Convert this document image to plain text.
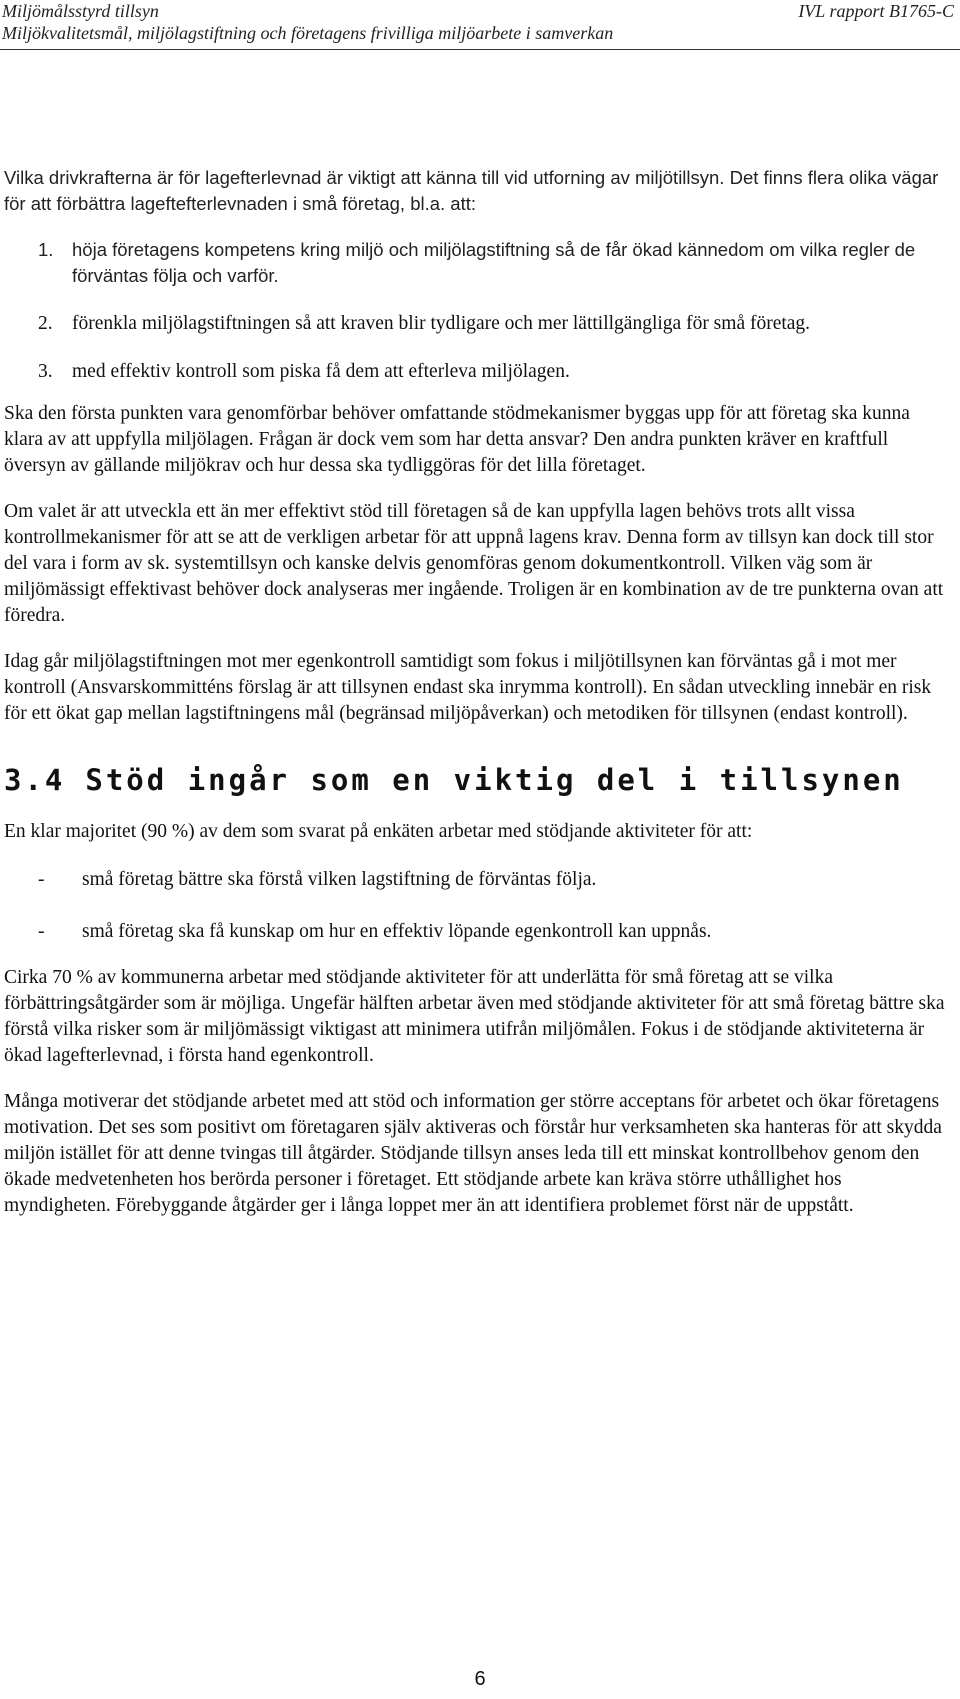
Miljömålsstyrd tillsyn	IVL rapport B1765-C
Miljökvalitetsmål, miljölagstiftning och företagens frivilliga miljöarbete i samverkan

Vilka drivkrafterna är för lagefterlevnad är viktigt att känna till vid utforning av miljötillsyn. Det finns flera olika vägar för att förbättra lageftefterlevnaden i små företag, bl.a. att:

1.	höja företagens kompetens kring miljö och miljölagstiftning så de får ökad kännedom om vilka regler de förväntas följa och varför.
2. förenkla miljölagstiftningen så att kraven blir tydligare och mer lättillgängliga för små företag.
3. med effektiv kontroll som piska få dem att efterleva miljölagen.

Ska den första punkten vara genomförbar behöver omfattande stödmekanismer byggas upp för att företag ska kunna klara av att uppfylla miljölagen. Frågan är dock vem som har detta ansvar? Den andra punkten kräver en kraftfull översyn av gällande miljökrav och hur dessa ska tydliggöras för det lilla företaget.

Om valet är att utveckla ett än mer effektivt stöd till företagen så de kan uppfylla lagen behövs trots allt vissa kontrollmekanismer för att se att de verkligen arbetar för att uppnå lagens krav. Denna form av tillsyn kan dock till stor del vara i form av sk. systemtillsyn och kanske delvis genomföras genom dokumentkontroll. Vilken väg som är miljömässigt effektivast behöver dock analyseras mer ingående. Troligen är en kombination av de tre punkterna ovan att föredra.

Idag går miljölagstiftningen mot mer egenkontroll samtidigt som fokus i miljötillsynen kan förväntas gå i mot mer kontroll (Ansvarskommitténs förslag är att tillsynen endast ska inrymma kontroll). En sådan utveckling innebär en risk för ett ökat gap mellan lagstiftningens mål (begränsad miljöpåverkan) och metodiken för tillsynen (endast kontroll).

3.4 Stöd ingår som en viktig del i tillsynen

En klar majoritet (90 %) av dem som svarat på enkäten arbetar med stödjande aktiviteter för att:

-	små företag bättre ska förstå vilken lagstiftning de förväntas följa.
-	små företag ska få kunskap om hur en effektiv löpande egenkontroll kan uppnås.

Cirka 70 % av kommunerna arbetar med stödjande aktiviteter för att underlätta för små företag att se vilka förbättringsåtgärder som är möjliga. Ungefär hälften arbetar även med stödjande aktiviteter för att små företag bättre ska förstå vilka risker som är miljömässigt viktigast att minimera utifrån miljömålen. Fokus i de stödjande aktiviteterna är ökad lagefterlevnad, i första hand egenkontroll.

Många motiverar det stödjande arbetet med att stöd och information ger större acceptans för arbetet och ökar företagens motivation. Det ses som positivt om företagaren själv aktiveras och förstår hur verksamheten ska hanteras för att skydda miljön istället för att denne tvingas till åtgärder. Stödjande tillsyn anses leda till ett minskat kontrollbehov genom den ökade medvetenheten hos berörda personer i företaget. Ett stödjande arbete kan kräva större uthållighet hos myndigheten. Förebyggande åtgärder ger i långa loppet mer än att identifiera problemet först när de uppstått.

6
